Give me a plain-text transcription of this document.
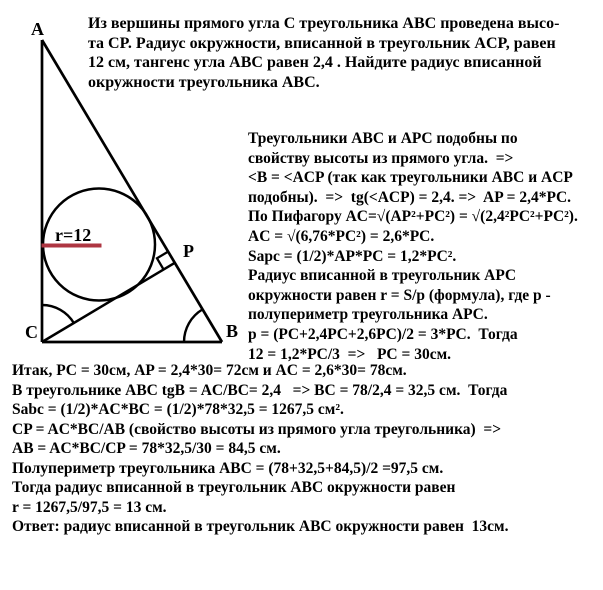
r=12
A
C	B
P
Из вершины прямого угла С треугольника ABC проведена высо-
та CP. Радиус окружности, вписанной в треугольник ACP, равен
12 см, тангенс угла ABC равен 2,4 . Найдите радиус вписанной
окружности треугольника ABC.
Треугольники ABC и APC подобны по
свойству высоты из прямого угла.  =>
<B = <ACP (так как треугольники ABC и ACP
подобны).  =>  tg(<ACP) = 2,4. =>  AP = 2,4*PC.
По Пифагору AC=√(AP²+PC²) = √(2,4²PC²+PC²).
AC = √(6,76*PC²) = 2,6*PC.
Sapc = (1/2)*AP*PC = 1,2*PC².
Радиус вписанной в треугольник APC
окружности равен r = S/p (формула), где p -
полупериметр треугольника APC.
p = (PC+2,4PC+2,6PC)/2 = 3*PC.  Тогда
12 = 1,2*PC/3  =>   PC = 30см.
Итак, PC = 30см, AP = 2,4*30= 72см и AC = 2,6*30= 78см.
В треугольнике ABC tgB = AC/BC= 2,4   => BC = 78/2,4 = 32,5 см.  Тогда
Sabc = (1/2)*AC*BC = (1/2)*78*32,5 = 1267,5 см².
CP = AC*BC/AB (свойство высоты из прямого угла треугольника)  =>
AB = AC*BC/CP = 78*32,5/30 = 84,5 см.
Полупериметр треугольника ABC = (78+32,5+84,5)/2 =97,5 см.
Тогда радиус вписанной в треугольник ABC окружности равен
r = 1267,5/97,5 = 13 см.
Ответ: радиус вписанной в треугольник ABC окружности равен  13см.
